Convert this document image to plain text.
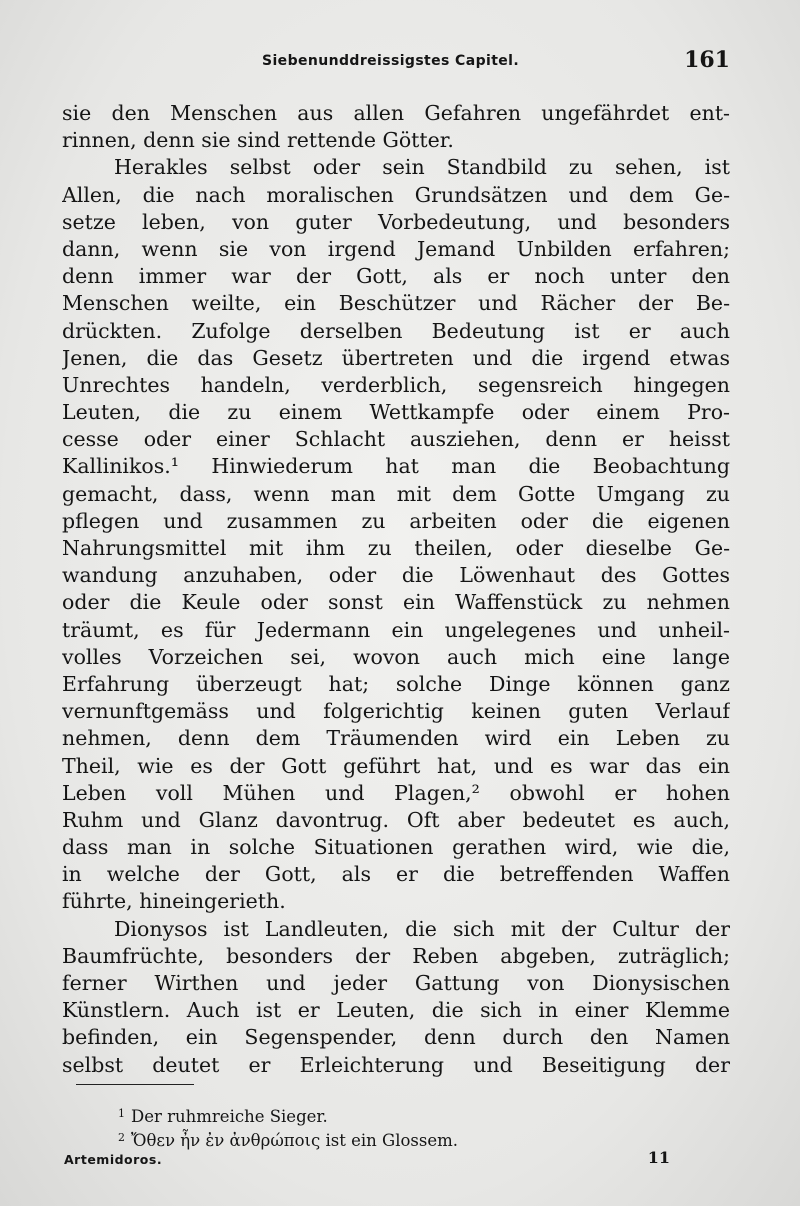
Siebenunddreissigstes Capitel.	161
sie den Menschen aus allen Gefahren ungefährdet ent-
rinnen, denn sie sind rettende Götter.
Herakles selbst oder sein Standbild zu sehen, ist
Allen, die nach moralischen Grundsätzen und dem Ge-
setze leben, von guter Vorbedeutung, und besonders
dann, wenn sie von irgend Jemand Unbilden erfahren;
denn immer war der Gott, als er noch unter den
Menschen weilte, ein Beschützer und Rächer der Be-
drückten. Zufolge derselben Bedeutung ist er auch
Jenen, die das Gesetz übertreten und die irgend etwas
Unrechtes handeln, verderblich, segensreich hingegen
Leuten, die zu einem Wettkampfe oder einem Pro-
cesse oder einer Schlacht ausziehen, denn er heisst
Kallinikos.¹ Hinwiederum hat man die Beobachtung
gemacht, dass, wenn man mit dem Gotte Umgang zu
pflegen und zusammen zu arbeiten oder die eigenen
Nahrungsmittel mit ihm zu theilen, oder dieselbe Ge-
wandung anzuhaben, oder die Löwenhaut des Gottes
oder die Keule oder sonst ein Waffenstück zu nehmen
träumt, es für Jedermann ein ungelegenes und unheil-
volles Vorzeichen sei, wovon auch mich eine lange
Erfahrung überzeugt hat; solche Dinge können ganz
vernunftgemäss und folgerichtig keinen guten Verlauf
nehmen, denn dem Träumenden wird ein Leben zu
Theil, wie es der Gott geführt hat, und es war das ein
Leben voll Mühen und Plagen,² obwohl er hohen
Ruhm und Glanz davontrug. Oft aber bedeutet es auch,
dass man in solche Situationen gerathen wird, wie die,
in welche der Gott, als er die betreffenden Waffen
führte, hineingerieth.
Dionysos ist Landleuten, die sich mit der Cultur der
Baumfrüchte, besonders der Reben abgeben, zuträglich;
ferner Wirthen und jeder Gattung von Dionysischen
Künstlern. Auch ist er Leuten, die sich in einer Klemme
befinden, ein Segenspender, denn durch den Namen
selbst deutet er Erleichterung und Beseitigung der
$^1$ Der ruhmreiche Sieger.
$^2$ Ὄθεν ἦν ἐν ἀνθρώποις ist ein Glossem.
Artemidoros.	11
